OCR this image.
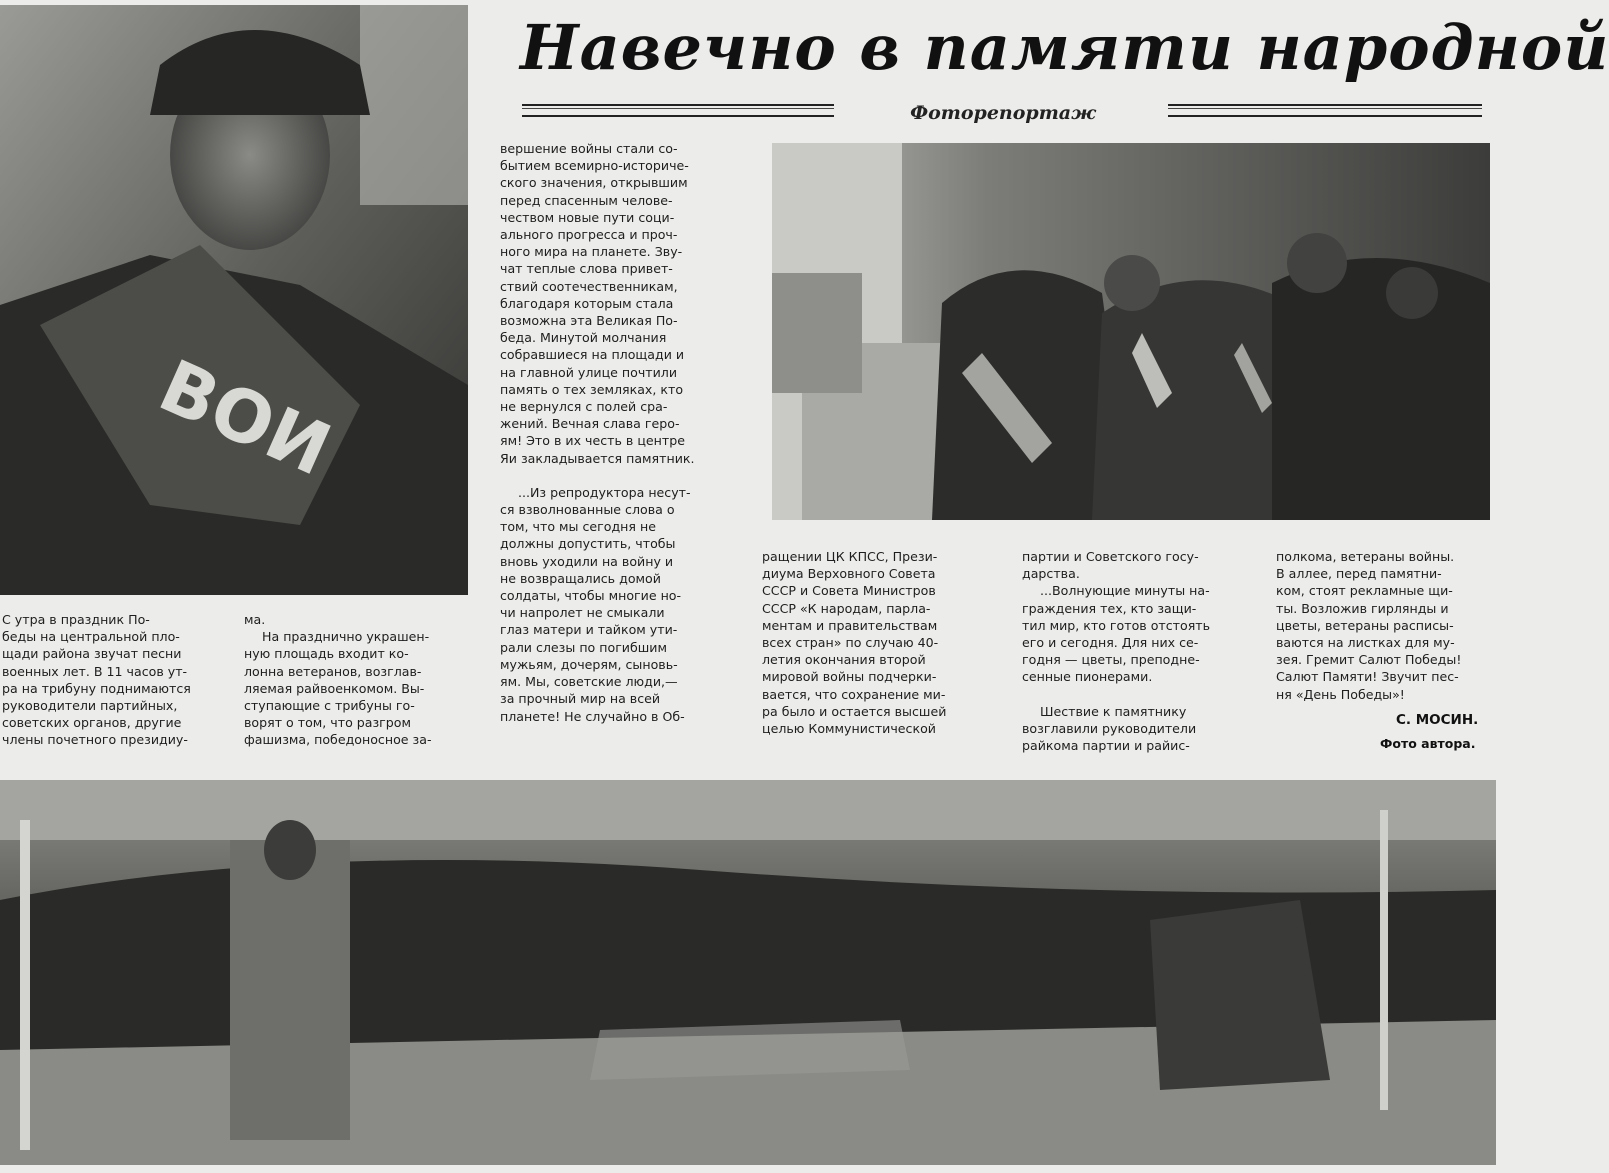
ВОИ
Навечно в памяти народной
Фоторепортаж
С утра в праздник По-
беды на центральной пло-
щади района звучат песни
военных лет. В 11 часов ут-
ра на трибуну поднимаются
руководители партийных,
советских органов, другие
члены почетного президиу-
ма.
На празднично украшен-
ную площадь входит ко-
лонна ветеранов, возглав-
ляемая райвоенкомом. Вы-
ступающие с трибуны го-
ворят о том, что разгром
фашизма, победоносное за-
вершение войны стали со-
бытием всемирно-историче-
ского значения, открывшим
перед спасенным челове-
чеством новые пути соци-
ального прогресса и проч-
ного мира на планете. Зву-
чат теплые слова привет-
ствий соотечественникам,
благодаря которым стала
возможна эта Великая По-
беда. Минутой молчания
собравшиеся на площади и
на главной улице почтили
память о тех земляках, кто
не вернулся с полей сра-
жений. Вечная слава геро-
ям! Это в их честь в центре
Яи закладывается памятник.
...Из репродуктора несут-
ся взволнованные слова о
том, что мы сегодня не
должны допустить, чтобы
вновь уходили на войну и
не возвращались домой
солдаты, чтобы многие но-
чи напролет не смыкали
глаз матери и тайком ути-
рали слезы по погибшим
мужьям, дочерям, сыновь-
ям. Мы, советские люди,—
за прочный мир на всей
планете! Не случайно в Об-
ращении ЦК КПСС, Прези-
диума Верховного Совета
СССР и Совета Министров
СССР «К народам, парла-
ментам и правительствам
всех стран» по случаю 40-
летия окончания второй
мировой войны подчерки-
вается, что сохранение ми-
ра было и остается высшей
целью Коммунистической
партии и Советского госу-
дарства.
...Волнующие минуты на-
граждения тех, кто защи-
тил мир, кто готов отстоять
его и сегодня. Для них се-
годня — цветы, преподне-
сенные пионерами.
Шествие к памятнику
возглавили руководители
райкома партии и райис-
полкома, ветераны войны.
В аллее, перед памятни-
ком, стоят рекламные щи-
ты. Возложив гирлянды и
цветы, ветераны расписы-
ваются на листках для му-
зея. Гремит Салют Победы!
Салют Памяти! Звучит пес-
ня «День Победы»!
С. МОСИН.
Фото автора.
